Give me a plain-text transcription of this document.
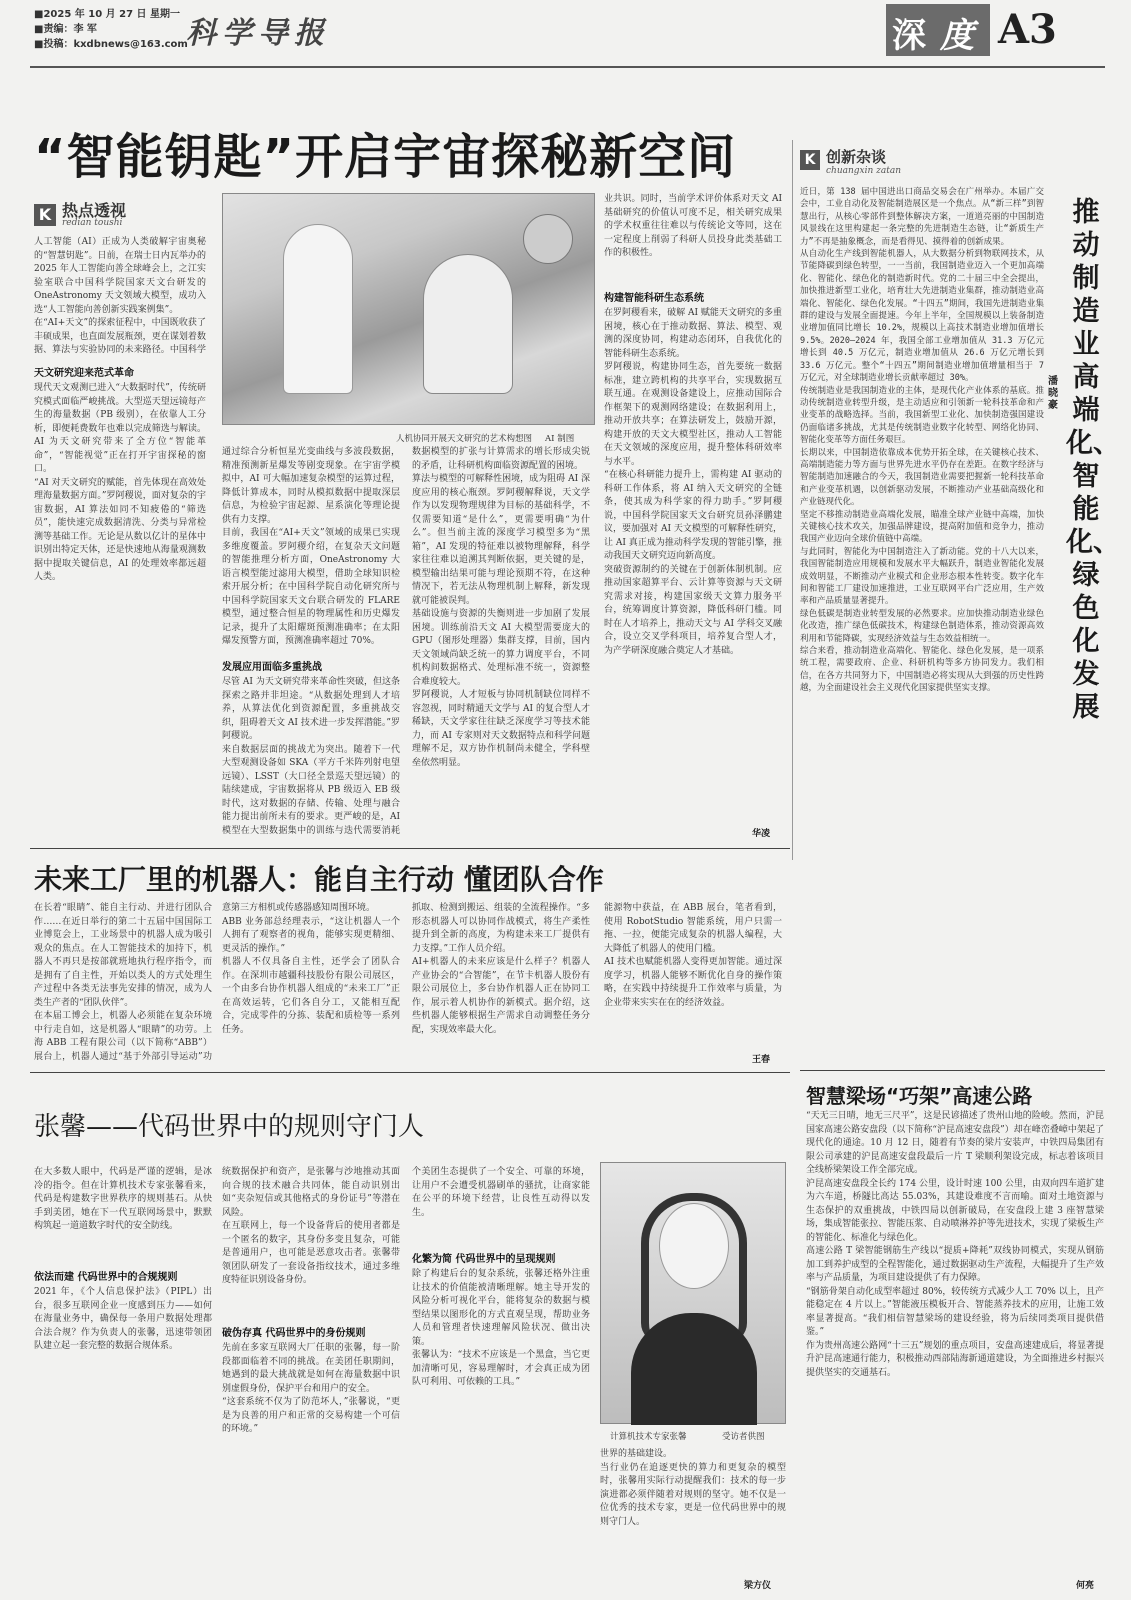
■2025 年 10 月 27 日 星期一
■责编：李 军
■投稿：kxdbnews@163.com
科学导报	深 度 A3
“智能钥匙”开启宇宙探秘新空间
K 热点透视
redian toushi
人工智能（AI）正成为人类破解宇宙奥秘的“智慧钥匙”。日前，在瑞士日内瓦举办的 2025 年人工智能向善全球峰会上，之江实验室联合中国科学院国家天文台研发的 OneAstronomy 天文领域大模型，成功入选“人工智能向善创新实践案例集”。
在“AI+天文”的探索征程中，中国既收获了丰硕成果，也直面发展瓶颈，更在谋划着数据、算法与实验协同的未来路径。中国科学
天文研究迎来范式革命
现代天文观测已进入“大数据时代”，传统研究模式面临严峻挑战。大型巡天望远镜每产生的海量数据（PB 级别），在依靠人工分析，即便耗费数年也难以完成筛选与解读。AI 为天文研究带来了全方位“智能革命”，“智能视觉”正在打开宇宙探秘的窗口。
“AI 对天文研究的赋能，首先体现在高效处理海量数据方面。”罗阿稷说，面对复杂的宇宙数据，AI 算法如同不知疲倦的“筛选员”，能快速完成数据清洗、分类与异常检测等基础工作。无论是从数以亿计的星体中识别出特定天体，还是快速地从海量观测数据中提取关键信息，AI 的处理效率都远超人类。
人机协同开展天文研究的艺术构想图 AI 制图
通过综合分析恒星光变曲线与多波段数据，精准预测新星爆发等剧变现象。在宇宙学模拟中，AI 可大幅加速复杂模型的运算过程，降低计算成本，同时从模拟数据中提取深层信息，为检验宇宙起源、星系演化等理论提供有力支撑。
目前，我国在“AI+天文”领域的成果已实现多维度覆盖。罗阿稷介绍，在复杂天文问题的智能推理分析方面，OneAstronomy 大语言模型能过滤用大模型，借助全球知识检索开展分析；在中国科学院自动化研究所与中国科学院国家天文台联合研发的 FLARE 模型，通过整合恒星的物理属性和历史爆发记录，提升了太阳耀斑预测准确率；在太阳爆发预警方面，预测准确率超过 70%。
发展应用面临多重挑战
尽管 AI 为天文研究带来革命性突破，但这条探索之路并非坦途。“从数据处理到人才培养，从算法优化到资源配置，多重挑战交织，阻碍着天文 AI 技术进一步发挥潜能。”罗阿稷说。
来自数据层面的挑战尤为突出。随着下一代大型观测设备如 SKA（平方千米阵列射电望远镜）、LSST（大口径全景巡天望远镜）的陆续建成，宇宙数据将从 PB 级迈入 EB 级时代，这对数据的存储、传输、处理与融合能力提出前所未有的要求。更严峻的是，AI 模型在大型数据集中的训练与迭代需要消耗
数据模型的扩张与计算需求的增长形成尖锐的矛盾，让科研机构面临资源配置的困境。
算法与模型的可解释性困境，成为阻碍 AI 深度应用的核心瓶颈。罗阿稷解释说，天文学作为以发现物理规律为目标的基础科学，不仅需要知道“是什么”，更需要明确“为什么”。但当前主流的深度学习模型多为“黑箱”，AI 发现的特征难以被物理解释，科学家往往难以追溯其判断依据，更关键的是，模型输出结果可能与理论预期不符，在这种情况下，若无法从物理机制上解释，新发现就可能被误判。
基础设施与资源的失衡则进一步加剧了发展困境。训练前沿天文 AI 大模型需要庞大的 GPU（图形处理器）集群支撑，目前，国内天文领域尚缺乏统一的算力调度平台，不同机构间数据格式、处理标准不统一，资源整合难度较大。
罗阿稷说，人才短板与协同机制缺位同样不容忽视，同时精通天文学与 AI 的复合型人才稀缺，天文学家往往缺乏深度学习等技术能力，而 AI 专家则对天文数据特点和科学问题理解不足，双方协作机制尚未健全，学科壁垒依然明显。
业共识。同时，当前学术评价体系对天文 AI 基础研究的价值认可度不足，相关研究成果的学术权重往往难以与传统论文等同，这在一定程度上削弱了科研人员投身此类基础工作的积极性。
构建智能科研生态系统
在罗阿稷看来，破解 AI 赋能天文研究的多重困境，核心在于推动数据、算法、模型、观测的深度协同，构建动态闭环，自我优化的智能科研生态系统。
罗阿稷说，构建协同生态，首先要统一数据标准，建立跨机构的共享平台，实现数据互联互通。在观测设备建设上，应推动国际合作框架下的观测网络建设；在数据利用上，推动开放共享；在算法研发上，鼓励开源，构建开放的天文大模型社区，推动人工智能在天文领域的深度应用，提升整体科研效率与水平。
“在核心科研能力提升上，需构建 AI 驱动的科研工作体系，将 AI 纳入天文研究的全链条，使其成为科学家的得力助手。”罗阿稷说，中国科学院国家天文台研究员孙泽鹏建议，要加强对 AI 天文模型的可解释性研究，让 AI 真正成为推动科学发现的智能引擎，推动我国天文研究迈向新高度。
突破资源制约的关键在于创新体制机制。应推动国家超算平台、云计算等资源与天文研究需求对接，构建国家级天文算力服务平台，统筹调度计算资源，降低科研门槛。同时在人才培养上，推动天文与 AI 学科交叉融合，设立交叉学科项目，培养复合型人才，为产学研深度融合奠定人才基础。
华凌
K 创新杂谈
chuangxin zatan
推动制造业高端化、智能化、绿色化发展
潘晓豪
近日，第 138 届中国进出口商品交易会在广州举办。本届广交会中，工业自动化及智能制造展区是一个焦点。从“新三样”到智慧出行，从核心零部件到整体解决方案，一道道亮丽的中国制造风景线在这里构建起一条完整的先进制造生态链，让“新质生产力”不再是抽象概念，而是看得见、摸得着的创新成果。
从自动化生产线到智能机器人，从大数据分析到物联网技术，从节能降碳到绿色转型，一一当前，我国制造业迈入一个更加高端化、智能化、绿色化的制造新时代。党的二十届三中全会提出，加快推进新型工业化，培育壮大先进制造业集群，推动制造业高端化、智能化、绿色化发展。“十四五”期间，我国先进制造业集群的建设与发展全面提速。今年上半年，全国规模以上装备制造业增加值同比增长 10.2%，规模以上高技术制造业增加值增长 9.5%。2020—2024 年，我国全部工业增加值从 31.3 万亿元增长到 40.5 万亿元，制造业增加值从 26.6 万亿元增长到 33.6 万亿元。整个“十四五”期间制造业增加值增量相当于 7 万亿元，对全球制造业增长贡献率超过 30%。
传统制造业是我国制造业的主体，是现代化产业体系的基底。推动传统制造业转型升级，是主动适应和引领新一轮科技革命和产业变革的战略选择。当前，我国新型工业化、加快制造强国建设仍面临诸多挑战，尤其是传统制造业数字化转型、网络化协同、智能化变革等方面任务艰巨。
长期以来，中国制造依靠成本优势开拓全球，在关键核心技术、高端制造能力等方面与世界先进水平仍存在差距。在数字经济与智能制造加速融合的今天，我国制造业需要把握新一轮科技革命和产业变革机遇，以创新驱动发展，不断推动产业基础高级化和产业链现代化。
坚定不移推动制造业高端化发展，瞄准全球产业链中高端，加快关键核心技术攻关，加强品牌建设，提高附加值和竞争力，推动我国产业迈向全球价值链中高端。
与此同时，智能化为中国制造注入了新动能。党的十八大以来，我国智能制造应用规模和发展水平大幅跃升，制造业智能化发展成效明显，不断推动产业模式和企业形态根本性转变。数字化车间和智能工厂建设加速推进，工业互联网平台广泛应用，生产效率和产品质量显著提升。
绿色低碳是制造业转型发展的必然要求。应加快推动制造业绿色化改造，推广绿色低碳技术，构建绿色制造体系，推动资源高效利用和节能降碳，实现经济效益与生态效益相统一。
综合来看，推动制造业高端化、智能化、绿色化发展，是一项系统工程，需要政府、企业、科研机构等多方协同发力。我们相信，在各方共同努力下，中国制造必将实现从大到强的历史性跨越，为全面建设社会主义现代化国家提供坚实支撑。
未来工厂里的机器人：能自主行动 懂团队合作
在长着“眼睛”、能自主行动、并进行团队合作……在近日举行的第二十五届中国国际工业博览会上，工业场景中的机器人成为吸引观众的焦点。在人工智能技术的加持下，机器人不再只是按部就班地执行程序指令，而是拥有了自主性，开始以类人的方式处理生产过程中各类无法事先安排的情况，成为人类生产者的“团队伙伴”。
在本届工博会上，机器人必须能在复杂环境中行走自如，这是机器人“眼睛”的功劳。上海 ABB 工程有限公司（以下简称“ABB”）展台上，机器人通过“基于外部引导运动”功
意第三方相机或传感器感知周围环境。
ABB 业务部总经理表示，“这让机器人一个人拥有了观察者的视角，能够实现更精细、更灵活的操作。”
机器人不仅具备自主性，还学会了团队合作。在深圳市越疆科技股份有限公司展区，一个由多台协作机器人组成的“未来工厂”正在高效运转，它们各自分工，又能相互配合，完成零件的分拣、装配和质检等一系列任务。
抓取、检测到搬运、组装的全流程操作。“多形态机器人可以协同作战模式，将生产柔性提升到全新的高度，为构建未来工厂提供有力支撑。”工作人员介绍。
AI+机器人的未来应该是什么样子？机器人产业协会的“合智能”，在节卡机器人股份有限公司展位上，多台协作机器人正在协同工作，展示着人机协作的新模式。据介绍，这些机器人能够根据生产需求自动调整任务分配，实现效率最大化。
能源物中获益，在 ABB 展台，笔者看到，使用 RobotStudio 智能系统，用户只需一拖、一拉，便能完成复杂的机器人编程，大大降低了机器人的使用门槛。
AI 技术也赋能机器人变得更加智能。通过深度学习，机器人能够不断优化自身的操作策略，在实践中持续提升工作效率与质量，为企业带来实实在在的经济效益。
王春
智慧梁场“巧架”高速公路
“天无三日晴，地无三尺平”，这是民谚描述了贵州山地的险峻。然而，沪昆国家高速公路安盘段（以下简称“沪昆高速安盘段”）却在峰峦叠嶂中架起了现代化的通途。10 月 12 日，随着有节奏的梁片安装声，中铁四局集团有限公司承建的沪昆高速安盘段最后一片 T 梁顺利架设完成，标志着该项目全线桥梁架设工作全部完成。
沪昆高速安盘段全长约 174 公里，设计时速 100 公里，由双向四车道扩建为六车道，桥隧比高达 55.03%，其建设难度不言而喻。面对土地资源与生态保护的双重挑战，中铁四局以创新破局，在安盘段上建 3 座智慧梁场，集成智能张拉、智能压浆、自动喷淋养护等先进技术，实现了梁板生产的智能化、标准化与绿色化。
高速公路 T 梁智能钢筋生产线以“提质+降耗”双线协同模式，实现从钢筋加工到养护成型的全程智能化，通过数据驱动生产流程，大幅提升了生产效率与产品质量，为项目建设提供了有力保障。
“钢筋骨架自动化成型率超过 80%，较传统方式减少人工 70% 以上，且产能稳定在 4 片以上。”智能液压模板开合、智能蒸养技术的应用，让施工效率显著提高。“我们相信智慧梁场的建设经验，将为后续同类项目提供借鉴。”
作为贵州高速公路网“十三五”规划的重点项目，安盘高速建成后，将显著提升沪昆高速通行能力，积极推动西部陆海新通道建设，为全面推进乡村振兴提供坚实的交通基石。
何亮
张馨——代码世界中的规则守门人
在大多数人眼中，代码是严谨的逻辑，是冰冷的指令。但在计算机技术专家张馨看来，代码是构建数字世界秩序的规则基石。从快手到美团，她在下一代互联网场景中，默默构筑起一道道数字时代的安全防线。
依法而建 代码世界中的合规规则
2021 年，《个人信息保护法》（PIPL）出台，很多互联网企业一度感到压力——如何在海量业务中，确保每一条用户数据处理都合法合规？作为负责人的张馨，迅速带领团队建立起一套完整的数据合规体系。
统数据保护和资产，是张馨与沙地推动其面向合规的技术融合共同体，能自动识别出如“夹杂短信或其他格式的身份证号”等潜在风险。
在互联网上，每一个设备背后的使用者都是一个匿名的数字，其身份多变且复杂，可能是普通用户，也可能是恶意攻击者。张馨带领团队研发了一套设备指纹技术，通过多维度特征识别设备身份。
破伪存真 代码世界中的身份规则
先前在多家互联网大厂任职的张馨，每一阶段都面临着不同的挑战。在美团任职期间，她遇到的最大挑战就是如何在海量数据中识别虚假身份，保护平台和用户的安全。
“这套系统不仅为了防范坏人，”张馨说，“更是为良善的用户和正常的交易构建一个可信的环境。”
个美团生态提供了一个安全、可靠的环境，让用户不会遭受机器刷单的骚扰，让商家能在公平的环境下经营，让良性互动得以发生。
化繁为简 代码世界中的呈现规则
除了构建后台的复杂系统，张馨还格外注重让技术的价值能被清晰理解。她主导开发的风险分析可视化平台，能将复杂的数据与模型结果以图形化的方式直观呈现，帮助业务人员和管理者快速理解风险状况、做出决策。
张馨认为：“技术不应该是一个黑盒，当它更加清晰可见，容易理解时，才会真正成为团队可利用、可依赖的工具。”
计算机技术专家张馨	受访者供图
世界的基础建设。
当行业仍在追逐更快的算力和更复杂的模型时，张馨用实际行动提醒我们：技术的每一步演进都必须伴随着对规则的坚守。她不仅是一位优秀的技术专家，更是一位代码世界中的规则守门人。
梁方仪
